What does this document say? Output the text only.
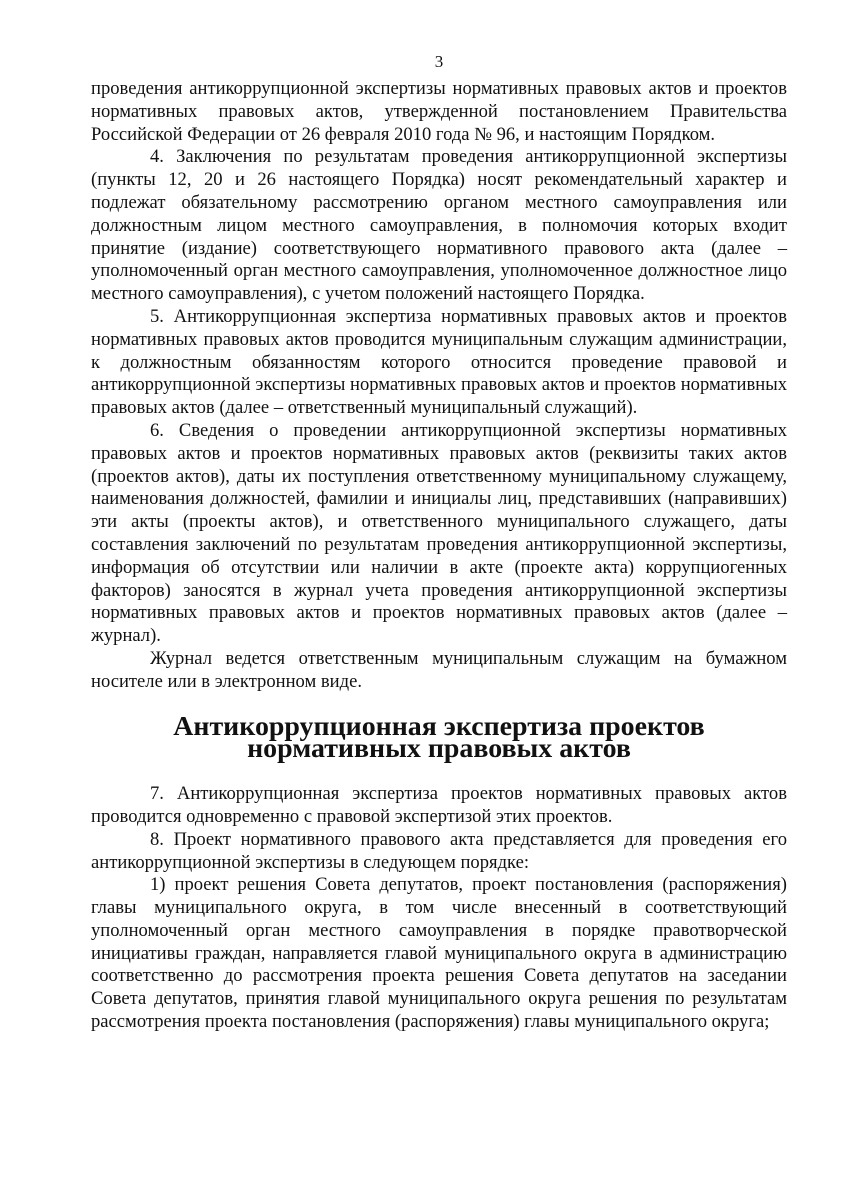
3

проведения антикоррупционной экспертизы нормативных правовых актов и проектов нормативных правовых актов, утвержденной постановлением Правительства Российской Федерации от 26 февраля 2010 года № 96, и настоящим Порядком.

4. Заключения по результатам проведения антикоррупционной экспертизы (пункты 12, 20 и 26 настоящего Порядка) носят рекомендательный характер и подлежат обязательному рассмотрению органом местного самоуправления или должностным лицом местного самоуправления, в полномочия которых входит принятие (издание) соответствующего нормативного правового акта (далее – уполномоченный орган местного самоуправления, уполномоченное должностное лицо местного самоуправления), с учетом положений настоящего Порядка.

5. Антикоррупционная экспертиза нормативных правовых актов и проектов нормативных правовых актов проводится муниципальным служащим администрации, к должностным обязанностям которого относится проведение правовой и антикоррупционной экспертизы нормативных правовых актов и проектов нормативных правовых актов (далее – ответственный муниципальный служащий).

6. Сведения о проведении антикоррупционной экспертизы нормативных правовых актов и проектов нормативных правовых актов (реквизиты таких актов (проектов актов), даты их поступления ответственному муниципальному служащему, наименования должностей, фамилии и инициалы лиц, представивших (направивших) эти акты (проекты актов), и ответственного муниципального служащего, даты составления заключений по результатам проведения антикоррупционной экспертизы, информация об отсутствии или наличии в акте (проекте акта) коррупциогенных факторов) заносятся в журнал учета проведения антикоррупционной экспертизы нормативных правовых актов и проектов нормативных правовых актов (далее – журнал).

Журнал ведется ответственным муниципальным служащим на бумажном носителе или в электронном виде.

Антикоррупционная экспертиза проектов нормативных правовых актов

7. Антикоррупционная экспертиза проектов нормативных правовых актов проводится одновременно с правовой экспертизой этих проектов.

8. Проект нормативного правового акта представляется для проведения его антикоррупционной экспертизы в следующем порядке:

1) проект решения Совета депутатов, проект постановления (распоряжения) главы муниципального округа, в том числе внесенный в соответствующий уполномоченный орган местного самоуправления в порядке правотворческой инициативы граждан, направляется главой муниципального округа в администрацию соответственно до рассмотрения проекта решения Совета депутатов на заседании Совета депутатов, принятия главой муниципального округа решения по результатам рассмотрения проекта постановления (распоряжения) главы муниципального округа;
